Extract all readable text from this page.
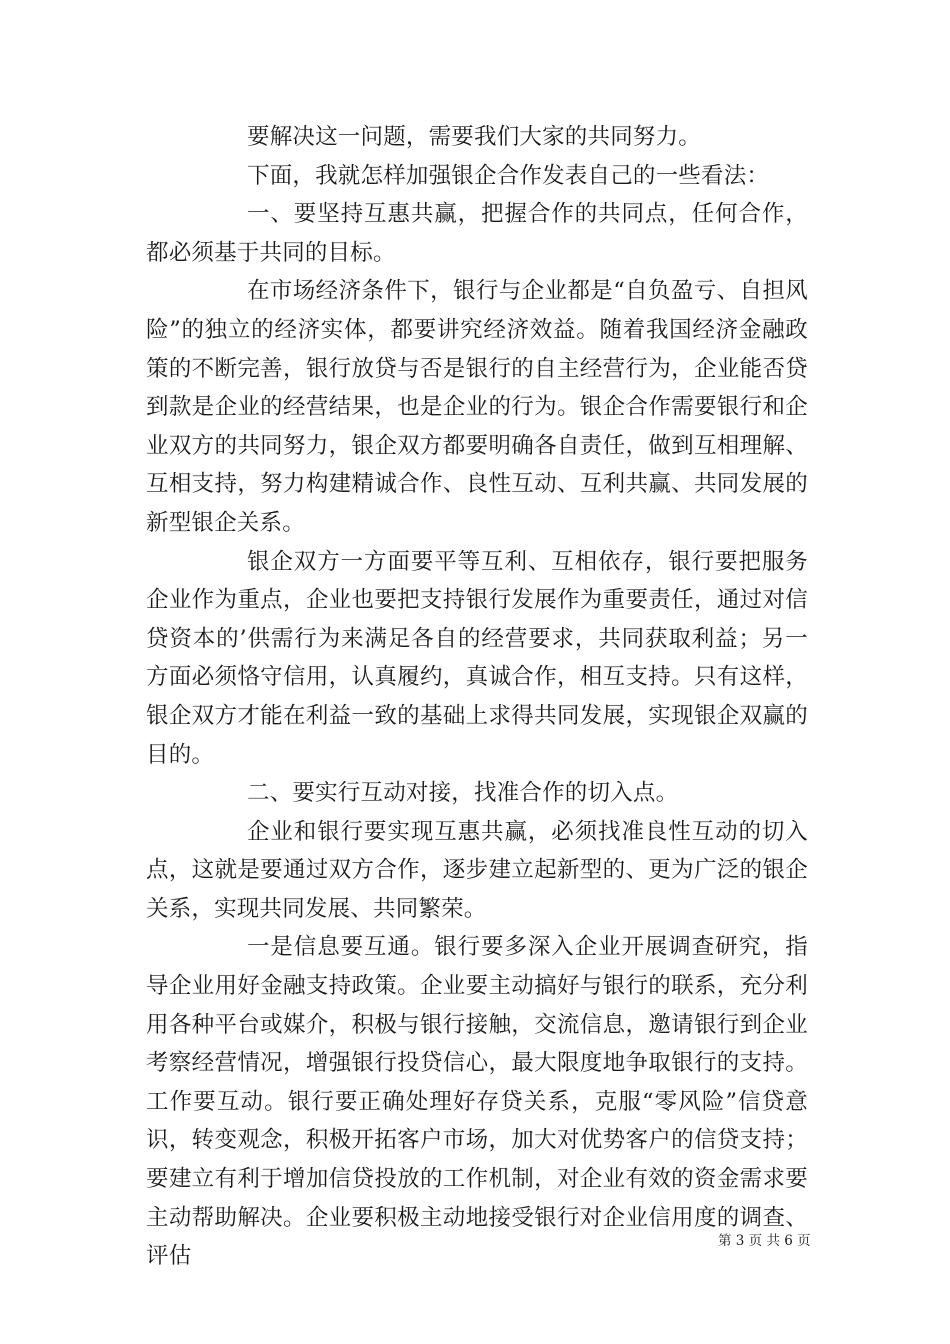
要解决这一问题，需要我们大家的共同努力。

下面，我就怎样加强银企合作发表自己的一些看法：

一、要坚持互惠共赢，把握合作的共同点，任何合作，都必须基于共同的目标。

在市场经济条件下，银行与企业都是“自负盈亏、自担风险”的独立的经济实体，都要讲究经济效益。随着我国经济金融政策的不断完善，银行放贷与否是银行的自主经营行为，企业能否贷到款是企业的经营结果，也是企业的行为。银企合作需要银行和企业双方的共同努力，银企双方都要明确各自责任，做到互相理解、互相支持，努力构建精诚合作、良性互动、互利共赢、共同发展的新型银企关系。

银企双方一方面要平等互利、互相依存，银行要把服务企业作为重点，企业也要把支持银行发展作为重要责任，通过对信贷资本的’供需行为来满足各自的经营要求，共同获取利益；另一方面必须恪守信用，认真履约，真诚合作，相互支持。只有这样，银企双方才能在利益一致的基础上求得共同发展，实现银企双赢的目的。

二、要实行互动对接，找准合作的切入点。

企业和银行要实现互惠共赢，必须找准良性互动的切入点，这就是要通过双方合作，逐步建立起新型的、更为广泛的银企关系，实现共同发展、共同繁荣。

一是信息要互通。银行要多深入企业开展调查研究，指导企业用好金融支持政策。企业要主动搞好与银行的联系，充分利用各种平台或媒介，积极与银行接触，交流信息，邀请银行到企业考察经营情况，增强银行投贷信心，最大限度地争取银行的支持。工作要互动。银行要正确处理好存贷关系，克服“零风险”信贷意识，转变观念，积极开拓客户市场，加大对优势客户的信贷支持；要建立有利于增加信贷投放的工作机制，对企业有效的资金需求要主动帮助解决。企业要积极主动地接受银行对企业信用度的调查、评估

第 3 页 共 6 页
